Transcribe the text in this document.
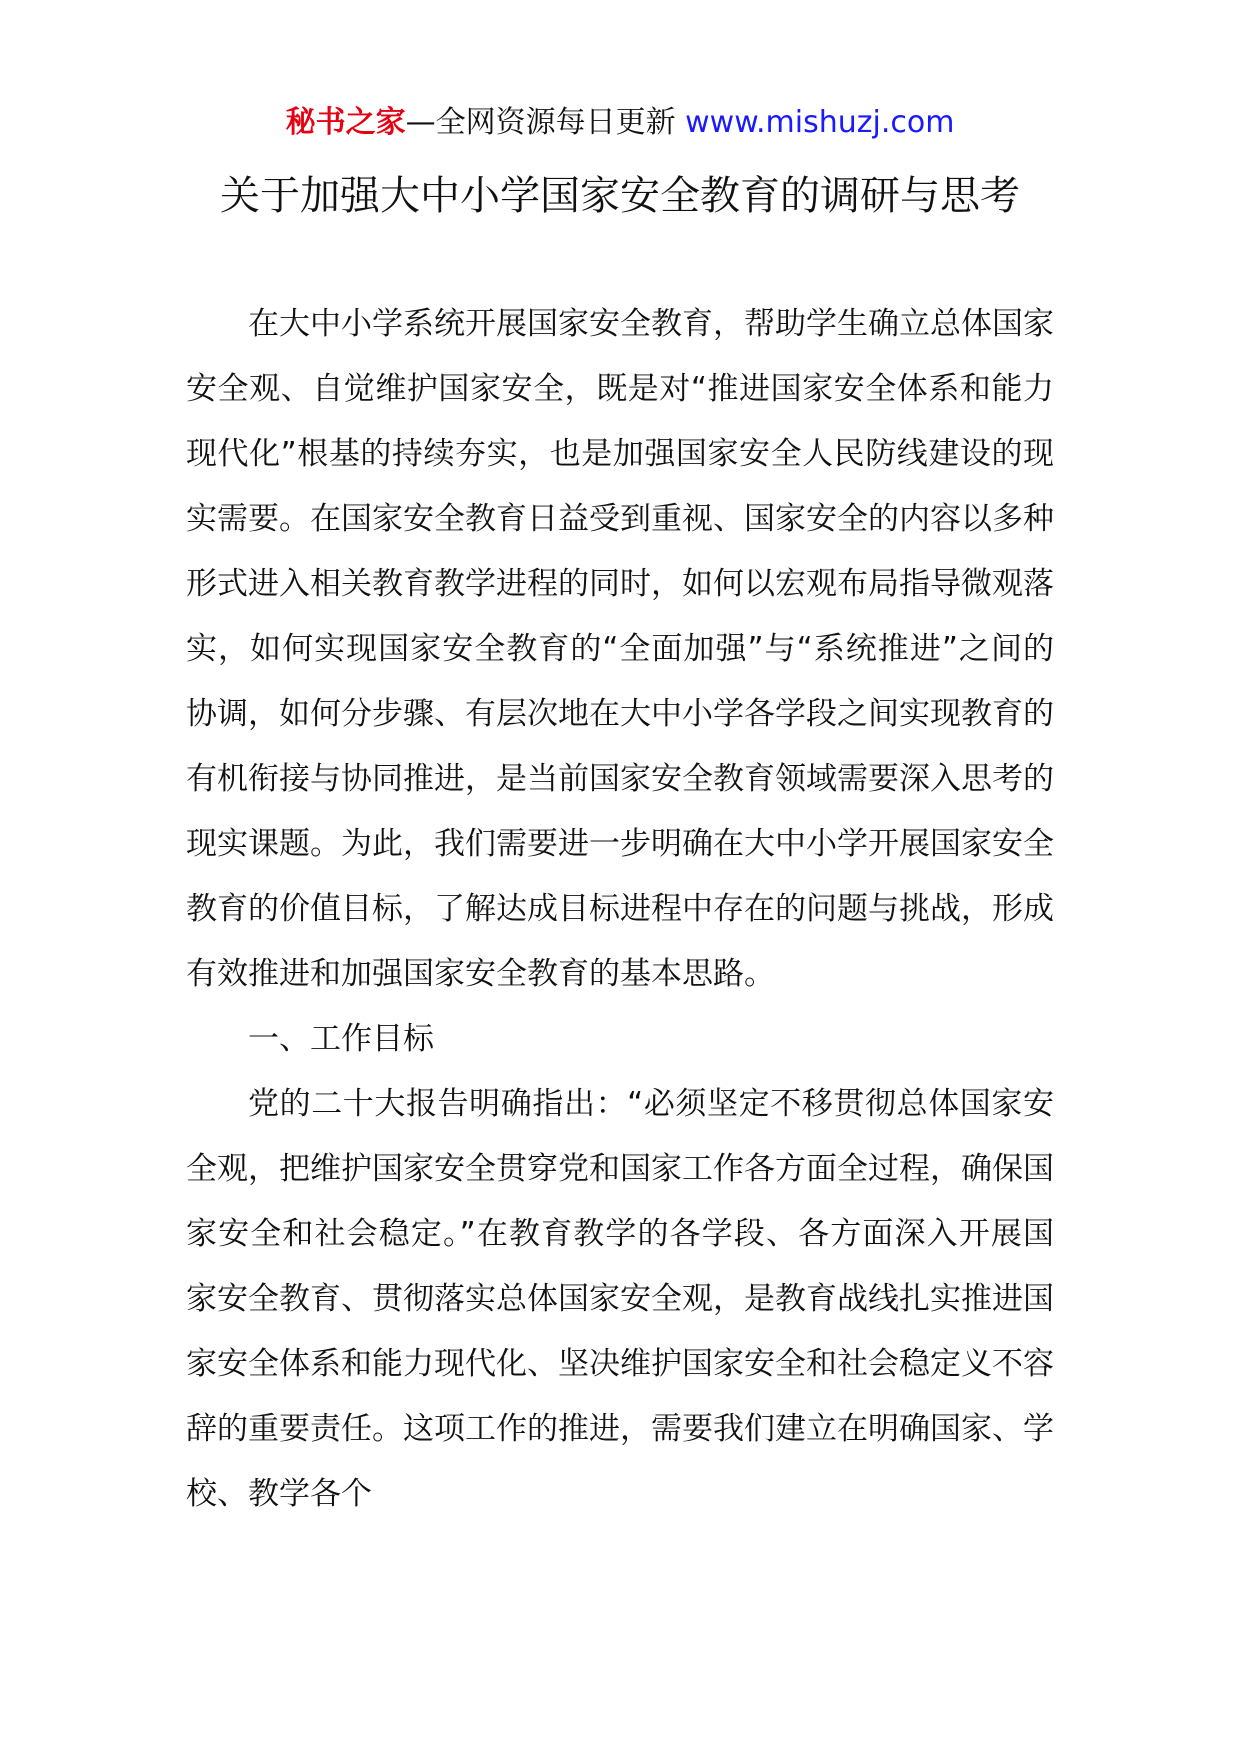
秘书之家—全网资源每日更新 www.mishuzj.com
关于加强大中小学国家安全教育的调研与思考

在大中小学系统开展国家安全教育，帮助学生确立总体国家安全观、自觉维护国家安全，既是对“推进国家安全体系和能力现代化”根基的持续夯实，也是加强国家安全人民防线建设的现实需要。在国家安全教育日益受到重视、国家安全的内容以多种形式进入相关教育教学进程的同时，如何以宏观布局指导微观落实，如何实现国家安全教育的“全面加强”与“系统推进”之间的协调，如何分步骤、有层次地在大中小学各学段之间实现教育的有机衔接与协同推进，是当前国家安全教育领域需要深入思考的现实课题。为此，我们需要进一步明确在大中小学开展国家安全教育的价值目标，了解达成目标进程中存在的问题与挑战，形成有效推进和加强国家安全教育的基本思路。

一、工作目标

党的二十大报告明确指出：“必须坚定不移贯彻总体国家安全观，把维护国家安全贯穿党和国家工作各方面全过程，确保国家安全和社会稳定。”在教育教学的各学段、各方面深入开展国家安全教育、贯彻落实总体国家安全观，是教育战线扎实推进国家安全体系和能力现代化、坚决维护国家安全和社会稳定义不容辞的重要责任。这项工作的推进，需要我们建立在明确国家、学校、教学各个
